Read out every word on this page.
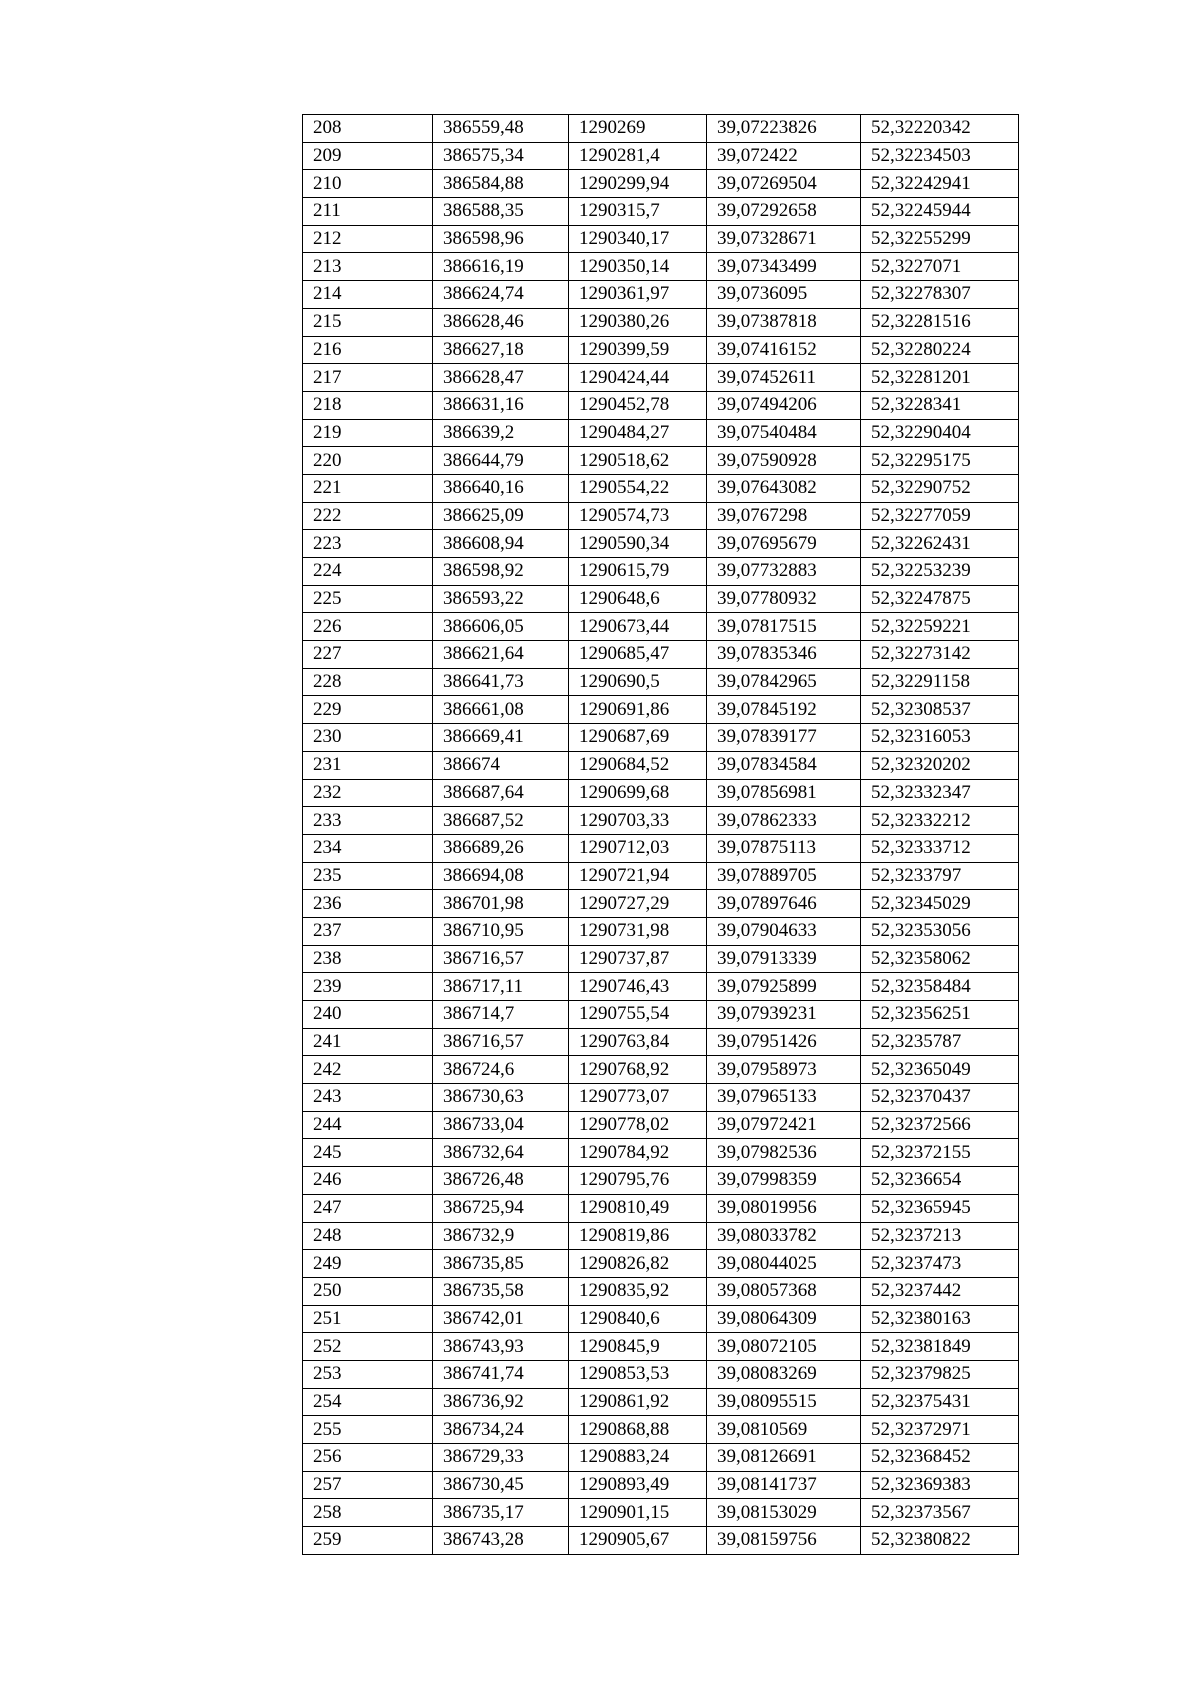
208	386559,48	1290269	39,07223826	52,32220342
209	386575,34	1290281,4	39,072422	52,32234503
210	386584,88	1290299,94	39,07269504	52,32242941
211	386588,35	1290315,7	39,07292658	52,32245944
212	386598,96	1290340,17	39,07328671	52,32255299
213	386616,19	1290350,14	39,07343499	52,3227071
214	386624,74	1290361,97	39,0736095	52,32278307
215	386628,46	1290380,26	39,07387818	52,32281516
216	386627,18	1290399,59	39,07416152	52,32280224
217	386628,47	1290424,44	39,07452611	52,32281201
218	386631,16	1290452,78	39,07494206	52,3228341
219	386639,2	1290484,27	39,07540484	52,32290404
220	386644,79	1290518,62	39,07590928	52,32295175
221	386640,16	1290554,22	39,07643082	52,32290752
222	386625,09	1290574,73	39,0767298	52,32277059
223	386608,94	1290590,34	39,07695679	52,32262431
224	386598,92	1290615,79	39,07732883	52,32253239
225	386593,22	1290648,6	39,07780932	52,32247875
226	386606,05	1290673,44	39,07817515	52,32259221
227	386621,64	1290685,47	39,07835346	52,32273142
228	386641,73	1290690,5	39,07842965	52,32291158
229	386661,08	1290691,86	39,07845192	52,32308537
230	386669,41	1290687,69	39,07839177	52,32316053
231	386674	1290684,52	39,07834584	52,32320202
232	386687,64	1290699,68	39,07856981	52,32332347
233	386687,52	1290703,33	39,07862333	52,32332212
234	386689,26	1290712,03	39,07875113	52,32333712
235	386694,08	1290721,94	39,07889705	52,3233797
236	386701,98	1290727,29	39,07897646	52,32345029
237	386710,95	1290731,98	39,07904633	52,32353056
238	386716,57	1290737,87	39,07913339	52,32358062
239	386717,11	1290746,43	39,07925899	52,32358484
240	386714,7	1290755,54	39,07939231	52,32356251
241	386716,57	1290763,84	39,07951426	52,3235787
242	386724,6	1290768,92	39,07958973	52,32365049
243	386730,63	1290773,07	39,07965133	52,32370437
244	386733,04	1290778,02	39,07972421	52,32372566
245	386732,64	1290784,92	39,07982536	52,32372155
246	386726,48	1290795,76	39,07998359	52,3236654
247	386725,94	1290810,49	39,08019956	52,32365945
248	386732,9	1290819,86	39,08033782	52,3237213
249	386735,85	1290826,82	39,08044025	52,3237473
250	386735,58	1290835,92	39,08057368	52,3237442
251	386742,01	1290840,6	39,08064309	52,32380163
252	386743,93	1290845,9	39,08072105	52,32381849
253	386741,74	1290853,53	39,08083269	52,32379825
254	386736,92	1290861,92	39,08095515	52,32375431
255	386734,24	1290868,88	39,0810569	52,32372971
256	386729,33	1290883,24	39,08126691	52,32368452
257	386730,45	1290893,49	39,08141737	52,32369383
258	386735,17	1290901,15	39,08153029	52,32373567
259	386743,28	1290905,67	39,08159756	52,32380822
